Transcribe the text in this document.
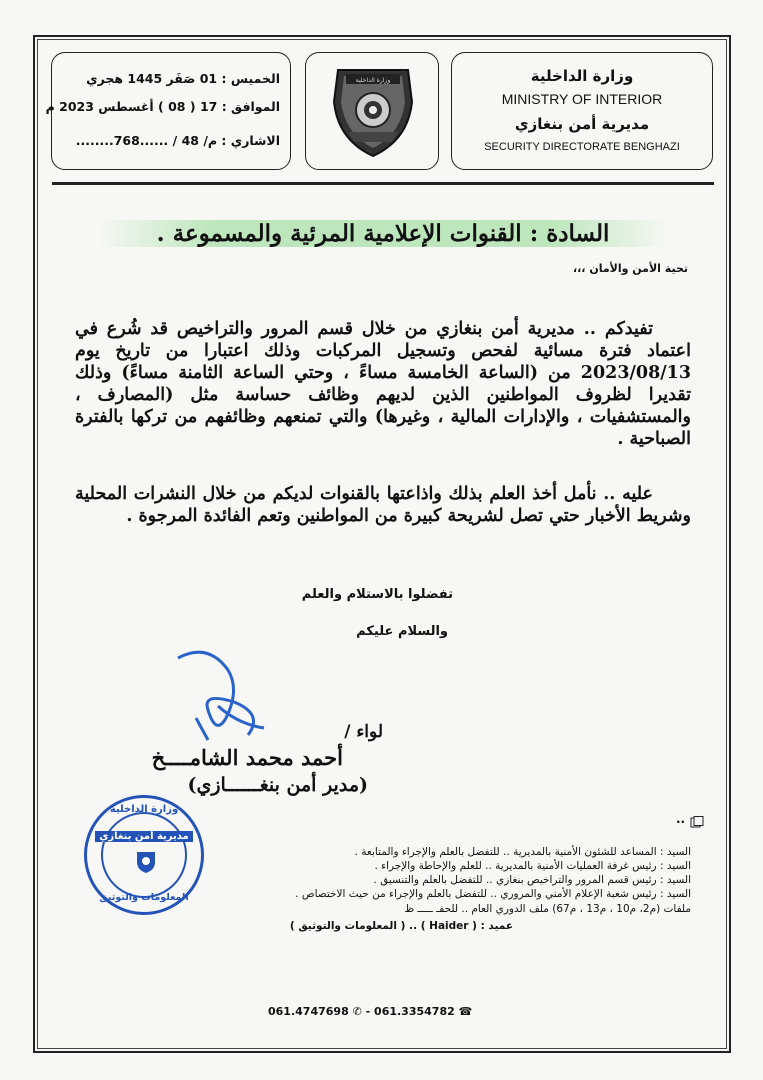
الخميس : 01 صَفَر 1445 هجري
الموافق : 17 ( 08 ) أغسطس 2023 م
الاشاري : م/ 48 / ......768........
وزارة الداخلية	وزارة الداخلية
MINISTRY OF INTERIOR
مديرية أمن بنغازي
SECURITY DIRECTORATE BENGHAZI
السادة : القنوات الإعلامية المرئية والمسموعة .
تحية الأمن والأمان ،،،
تفيدكم .. مديرية أمن بنغازي من خلال قسم المرور والتراخيص قد شُرع في اعتماد فترة مسائية لفحص وتسجيل المركبات وذلك اعتبارا من تاريخ يوم 2023/08/13 من (الساعة الخامسة مساءً ، وحتي الساعة الثامنة مساءً) وذلك تقديرا لظروف المواطنين الذين لديهم وظائف حساسة مثل (المصارف ، والمستشفيات ، والإدارات المالية ، وغيرها) والتي تمنعهم وظائفهم من تركها بالفترة الصباحية .
عليه .. نأمل أخذ العلم بذلك واذاعتها بالقنوات لديكم من خلال النشرات المحلية وشريط الأخبار حتي تصل لشريحة كبيرة من المواطنين وتعم الفائدة المرجوة .
تفضلوا بالاستلام والعلم
والسلام عليكم
لواء /
أحمد محمد الشامــــخ
(مدير أمن بنغــــــازي)
وزارة الداخلية
مديرية أمن بنغازي
المعلومات والتوثيق
..
السيد : المساعد للشئون الأمنية بالمديرية .. للتفضل بالعلم والإجراء والمتابعة .
السيد : رئيس غرفة العمليات الأمنية بالمديرية .. للعلم والإحاطة والإجراء .
السيد : رئيس قسم المرور والتراخيص بنغازي .. للتفضل بالعلم والتنسيق .
السيد : رئيس شعبة الإعلام الأمني والمروري .. للتفضل بالعلم والإجراء من حيث الاختصاص .
ملفات (م2، م10 ، م13 ، م67) ملف الدوري العام .. للحفـ ـــــ ظ
عميد : ( Haider ) .. ( المعلومات والتوثيق )
061.4747698 ✆ - 061.3354782 ☎
